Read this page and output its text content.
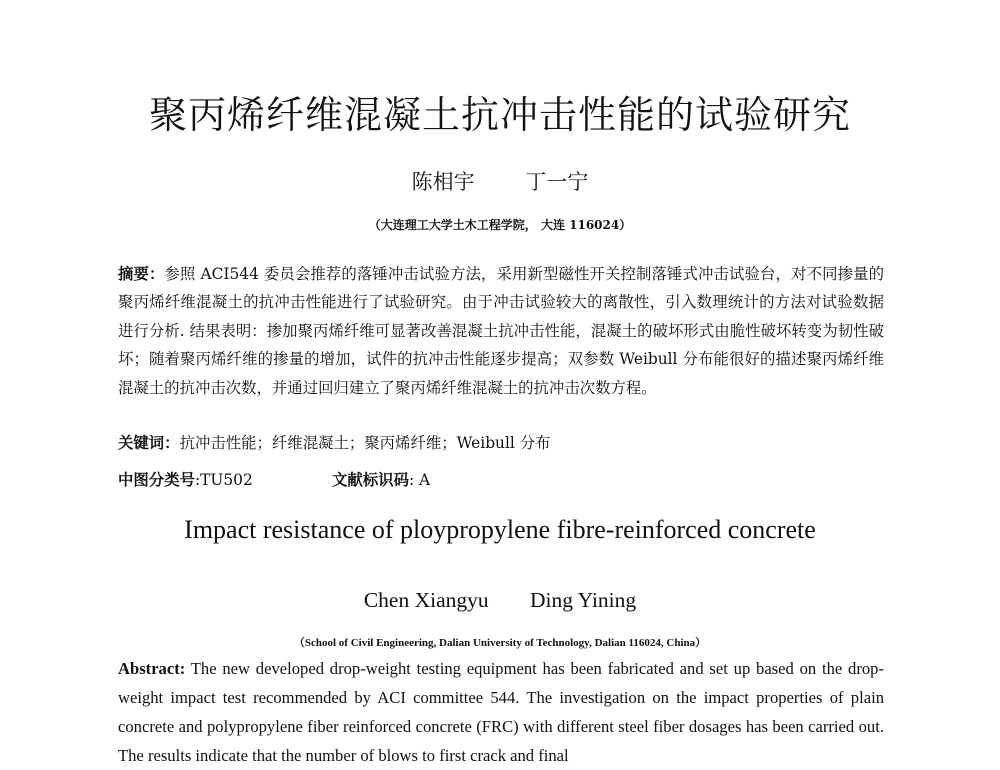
聚丙烯纤维混凝土抗冲击性能的试验研究
陈相宇 丁一宁
（大连理工大学土木工程学院， 大连 116024）
摘要：参照 ACI544 委员会推荐的落锤冲击试验方法，采用新型磁性开关控制落锤式冲击试验台，对不同掺量的聚丙烯纤维混凝土的抗冲击性能进行了试验研究。由于冲击试验较大的离散性，引入数理统计的方法对试验数据进行分析. 结果表明：掺加聚丙烯纤维可显著改善混凝土抗冲击性能，混凝土的破坏形式由脆性破坏转变为韧性破坏；随着聚丙烯纤维的掺量的增加，试件的抗冲击性能逐步提高；双参数 Weibull 分布能很好的描述聚丙烯纤维混凝土的抗冲击次数，并通过回归建立了聚丙烯纤维混凝土的抗冲击次数方程。
关键词：抗冲击性能；纤维混凝土；聚丙烯纤维；Weibull 分布
中图分类号:TU502	文献标识码: A
Impact resistance of ploypropylene fibre-reinforced concrete
Chen Xiangyu Ding Yining
（School of Civil Engineering, Dalian University of Technology, Dalian 116024, China）
Abstract: The new developed drop-weight testing equipment has been fabricated and set up based on the drop-weight impact test recommended by ACI committee 544. The investigation on the impact properties of plain concrete and polypropylene fiber reinforced concrete (FRC) with different steel fiber dosages has been carried out. The results indicate that the number of blows to first crack and final
